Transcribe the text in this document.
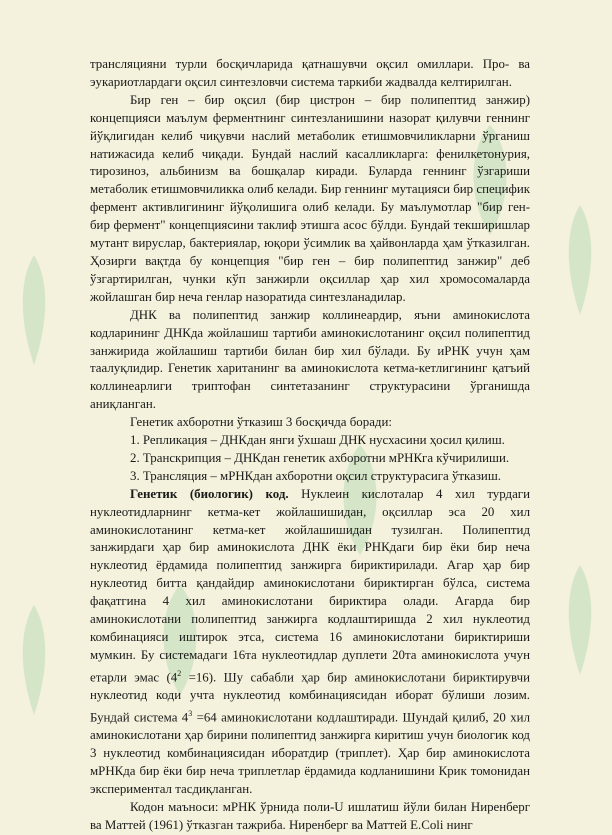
трансляцияни турли босқичларида қатнашувчи оқсил омиллари. Про- ва эукариотлардаги оқсил синтезловчи система таркиби жадвалда келтирилган.

Бир ген – бир оқсил (бир цистрон – бир полипептид занжир) концепцияси маълум ферментнинг синтезланишини назорат қилувчи геннинг йўқлигидан келиб чиқувчи наслий метаболик етишмовчиликларни ўрганиш натижасида келиб чиқади. Бундай наслий касалликларга: фенилкетонурия, тирозиноз, альбинизм ва бошқалар киради. Буларда геннинг ўзгариши метаболик етишмовчиликка олиб келади. Бир геннинг мутацияси бир специфик фермент активлигининг йўқолишига олиб келади. Бу маълумотлар "бир ген-бир фермент" концепциясини таклиф этишга асос бўлди. Бундай текширишлар мутант вируслар, бактериялар, юқори ўсимлик ва ҳайвонларда ҳам ўтказилган. Ҳозирги вақтда бу концепция "бир ген – бир полипептид занжир" деб ўзгартирилган, чунки кўп занжирли оқсиллар ҳар хил хромосомаларда жойлашган бир неча генлар назоратида синтезланадилар.

ДНК ва полипептид занжир коллинеардир, яъни аминокислота кодларининг ДНКда жойлашиш тартиби аминокислотанинг оқсил полипептид занжирида жойлашиш тартиби билан бир хил бўлади. Бу иРНК учун ҳам таалуқлидир. Генетик хаританинг ва аминокислота кетма-кетлигининг қатъий коллинеарлиги триптофан синтетазанинг структурасини ўрганишда аниқланган.

Генетик ахборотни ўтказиш 3 босқичда боради:

1. Репликация – ДНКдан янги ўхшаш ДНК нусхасини ҳосил қилиш.

2. Транскрипция – ДНКдан генетик ахборотни мРНКга кўчирилиши.

3. Трансляция – мРНКдан ахборотни оқсил структурасига ўтказиш.

Генетик (биологик) код. Нуклеин кислоталар 4 хил турдаги нуклеотидларнинг кетма-кет жойлашишидан, оқсиллар эса 20 хил аминокислотанинг кетма-кет жойлашишидан тузилган. Полипептид занжирдаги ҳар бир аминокислота ДНК ёки РНКдаги бир ёки бир неча нуклеотид ёрдамида полипептид занжирга бириктирилади. Агар ҳар бир нуклеотид битта қандайдир аминокислотани бириктирган бўлса, система фақатгина 4 хил аминокислотани бириктира олади. Агарда бир аминокислотани полипептид занжирга кодлаштиришда 2 хил нуклеотид комбинацияси иштирок этса, система 16 аминокислотани бириктириши мумкин. Бу системадаги 16та нуклеотидлар дуплети 20та аминокислота учун етарли эмас $(4^2 =16)$. Шу сабабли ҳар бир аминокислотани бириктирувчи нуклеотид коди учта нуклеотид комбинациясидан иборат бўлиши лозим. Бундай система $4^3 =64$ аминокислотани кодлаштиради. Шундай қилиб, 20 хил аминокислотани ҳар бирини полипептид занжирга киритиш учун биологик код 3 нуклеотид комбинациясидан иборатдир (триплет). Ҳар бир аминокислота мРНКда бир ёки бир неча триплетлар ёрдамида кодланишини Крик томонидан экспериментал тасдиқланган.

Кодон маъноси: мРНК ўрнида поли-U ишлатиш йўли билан Ниренберг ва Маттей (1961) ўтказган тажриба. Ниренберг ва Маттей E.Coli нинг
